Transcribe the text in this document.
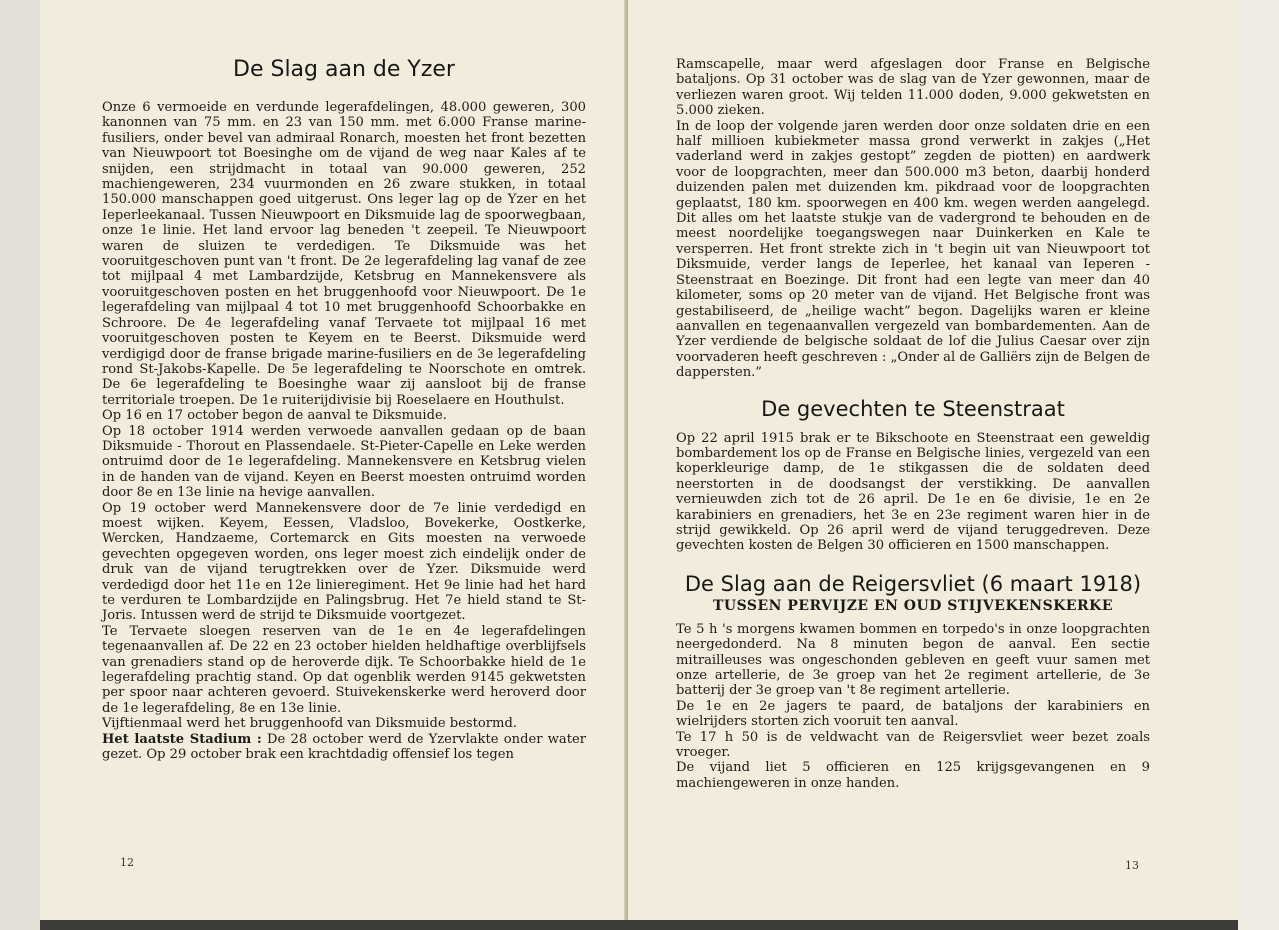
De Slag aan de Yzer

Onze 6 vermoeide en verdunde legerafdelingen, 48.000 geweren, 300 kanonnen van 75 mm. en 23 van 150 mm. met 6.000 Franse marine-fusiliers, onder bevel van admiraal Ronarch, moesten het front bezetten van Nieuwpoort tot Boesinghe om de vijand de weg naar Kales af te snijden, een strijdmacht in totaal van 90.000 geweren, 252 machiengeweren, 234 vuurmonden en 26 zware stukken, in totaal 150.000 manschappen goed uitgerust. Ons leger lag op de Yzer en het Ieperleekanaal. Tussen Nieuwpoort en Diksmuide lag de spoorwegbaan, onze 1e linie. Het land ervoor lag beneden 't zeepeil. Te Nieuwpoort waren de sluizen te verdedigen. Te Diksmuide was het vooruitgeschoven punt van 't front. De 2e legerafdeling lag vanaf de zee tot mijlpaal 4 met Lambardzijde, Ketsbrug en Mannekensvere als vooruitgeschoven posten en het bruggenhoofd voor Nieuwpoort. De 1e legerafdeling van mijlpaal 4 tot 10 met bruggenhoofd Schoorbakke en Schroore. De 4e legerafdeling vanaf Tervaete tot mijlpaal 16 met vooruitgeschoven posten te Keyem en te Beerst. Diksmuide werd verdigigd door de franse brigade marine-fusiliers en de 3e legerafdeling rond St-Jakobs-Kapelle. De 5e legerafdeling te Noorschote en omtrek. De 6e legerafdeling te Boesinghe waar zij aansloot bij de franse territoriale troepen. De 1e ruiterijdivisie bij Roeselaere en Houthulst.

Op 16 en 17 october begon de aanval te Diksmuide.

Op 18 october 1914 werden verwoede aanvallen gedaan op de baan Diksmuide - Thorout en Plassendaele. St-Pieter-Capelle en Leke werden ontruimd door de 1e legerafdeling. Mannekensvere en Ketsbrug vielen in de handen van de vijand. Keyen en Beerst moesten ontruimd worden door 8e en 13e linie na hevige aanvallen.

Op 19 october werd Mannekensvere door de 7e linie verdedigd en moest wijken. Keyem, Eessen, Vladsloo, Bovekerke, Oostkerke, Wercken, Handzaeme, Cortemarck en Gits moesten na verwoede gevechten opgegeven worden, ons leger moest zich eindelijk onder de druk van de vijand terugtrekken over de Yzer. Diksmuide werd verdedigd door het 11e en 12e linieregiment. Het 9e linie had het hard te verduren te Lombardzijde en Palingsbrug. Het 7e hield stand te St-Joris. Intussen werd de strijd te Diksmuide voortgezet.

Te Tervaete sloegen reserven van de 1e en 4e legerafdelingen tegenaanvallen af. De 22 en 23 october hielden heldhaftige overblijfsels van grenadiers stand op de heroverde dijk. Te Schoorbakke hield de 1e legerafdeling prachtig stand. Op dat ogenblik werden 9145 gekwetsten per spoor naar achteren gevoerd. Stuivekenskerke werd heroverd door de 1e legerafdeling, 8e en 13e linie.

Vijftienmaal werd het bruggenhoofd van Diksmuide bestormd.

Het laatste Stadium : De 28 october werd de Yzervlakte onder water gezet. Op 29 october brak een krachtdadig offensief los tegen

12

Ramscapelle, maar werd afgeslagen door Franse en Belgische bataljons. Op 31 october was de slag van de Yzer gewonnen, maar de verliezen waren groot. Wij telden 11.000 doden, 9.000 gekwetsten en 5.000 zieken.

In de loop der volgende jaren werden door onze soldaten drie en een half millioen kubiekmeter massa grond verwerkt in zakjes („Het vaderland werd in zakjes gestopt” zegden de piotten) en aardwerk voor de loopgrachten, meer dan 500.000 m3 beton, daarbij honderd duizenden palen met duizenden km. pikdraad voor de loopgrachten geplaatst, 180 km. spoorwegen en 400 km. wegen werden aangelegd. Dit alles om het laatste stukje van de vadergrond te behouden en de meest noordelijke toegangswegen naar Duinkerken en Kale te versperren. Het front strekte zich in 't begin uit van Nieuwpoort tot Diksmuide, verder langs de Ieperlee, het kanaal van Ieperen - Steenstraat en Boezinge. Dit front had een legte van meer dan 40 kilometer, soms op 20 meter van de vijand. Het Belgische front was gestabiliseerd, de „heilige wacht” begon. Dagelijks waren er kleine aanvallen en tegenaanvallen vergezeld van bombardementen. Aan de Yzer verdiende de belgische soldaat de lof die Julius Caesar over zijn voorvaderen heeft geschreven : „Onder al de Galliërs zijn de Belgen de dappersten.”

De gevechten te Steenstraat

Op 22 april 1915 brak er te Bikschoote en Steenstraat een geweldig bombardement los op de Franse en Belgische linies, vergezeld van een koperkleurige damp, de 1e stikgassen die de soldaten deed neerstorten in de doodsangst der verstikking. De aanvallen vernieuwden zich tot de 26 april. De 1e en 6e divisie, 1e en 2e karabiniers en grenadiers, het 3e en 23e regiment waren hier in de strijd gewikkeld. Op 26 april werd de vijand teruggedreven. Deze gevechten kosten de Belgen 30 officieren en 1500 manschappen.

De Slag aan de Reigersvliet (6 maart 1918)
TUSSEN PERVIJZE EN OUD STIJVEKENSKERKE

Te 5 h 's morgens kwamen bommen en torpedo's in onze loopgrachten neergedonderd. Na 8 minuten begon de aanval. Een sectie mitrailleuses was ongeschonden gebleven en geeft vuur samen met onze artellerie, de 3e groep van het 2e regiment artellerie, de 3e batterij der 3e groep van 't 8e regiment artellerie.

De 1e en 2e jagers te paard, de bataljons der karabiniers en wielrijders storten zich vooruit ten aanval.

Te 17 h 50 is de veldwacht van de Reigersvliet weer bezet zoals vroeger.

De vijand liet 5 officieren en 125 krijgsgevangenen en 9 machiengeweren in onze handen.

13
